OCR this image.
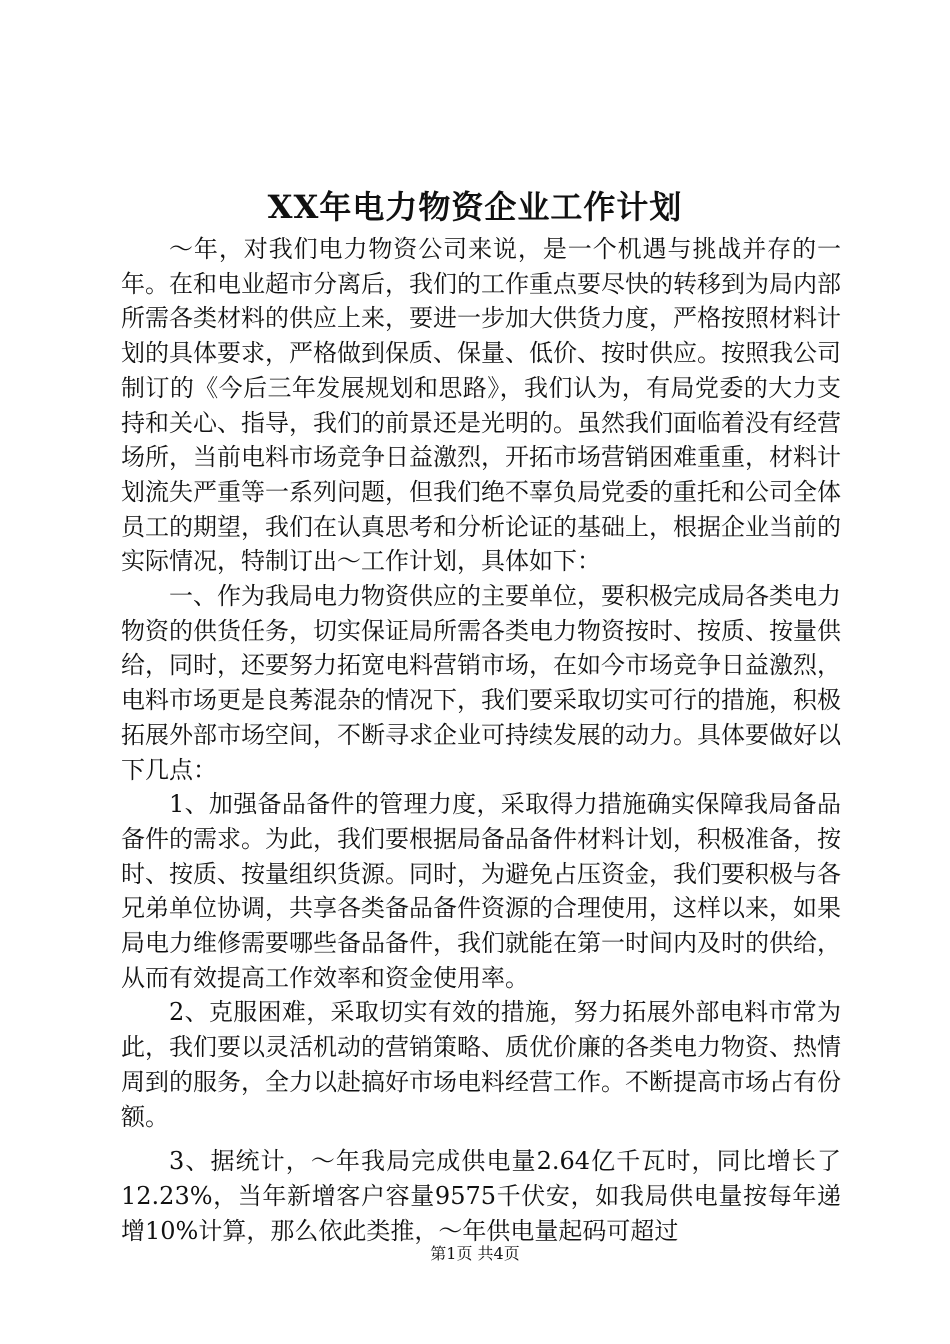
XX年电力物资企业工作计划

～年，对我们电力物资公司来说，是一个机遇与挑战并存的一年。在和电业超市分离后，我们的工作重点要尽快的转移到为局内部所需各类材料的供应上来，要进一步加大供货力度，严格按照材料计划的具体要求，严格做到保质、保量、低价、按时供应。按照我公司制订的《今后三年发展规划和思路》，我们认为，有局党委的大力支持和关心、指导，我们的前景还是光明的。虽然我们面临着没有经营场所，当前电料市场竞争日益激烈，开拓市场营销困难重重，材料计划流失严重等一系列问题，但我们绝不辜负局党委的重托和公司全体员工的期望，我们在认真思考和分析论证的基础上，根据企业当前的实际情况，特制订出～工作计划，具体如下：

一、作为我局电力物资供应的主要单位，要积极完成局各类电力物资的供货任务，切实保证局所需各类电力物资按时、按质、按量供给，同时，还要努力拓宽电料营销市场，在如今市场竞争日益激烈，电料市场更是良莠混杂的情况下，我们要采取切实可行的措施，积极拓展外部市场空间，不断寻求企业可持续发展的动力。具体要做好以下几点：

1、加强备品备件的管理力度，采取得力措施确实保障我局备品备件的需求。为此，我们要根据局备品备件材料计划，积极准备，按时、按质、按量组织货源。同时，为避免占压资金，我们要积极与各兄弟单位协调，共享各类备品备件资源的合理使用，这样以来，如果局电力维修需要哪些备品备件，我们就能在第一时间内及时的供给，从而有效提高工作效率和资金使用率。

2、克服困难，采取切实有效的措施，努力拓展外部电料市常为此，我们要以灵活机动的营销策略、质优价廉的各类电力物资、热情周到的服务，全力以赴搞好市场电料经营工作。不断提高市场占有份额。

3、据统计，～年我局完成供电量2.64亿千瓦时，同比增长了12.23%，当年新增客户容量9575千伏安，如我局供电量按每年递增10%计算，那么依此类推，～年供电量起码可超过

第1页 共4页
